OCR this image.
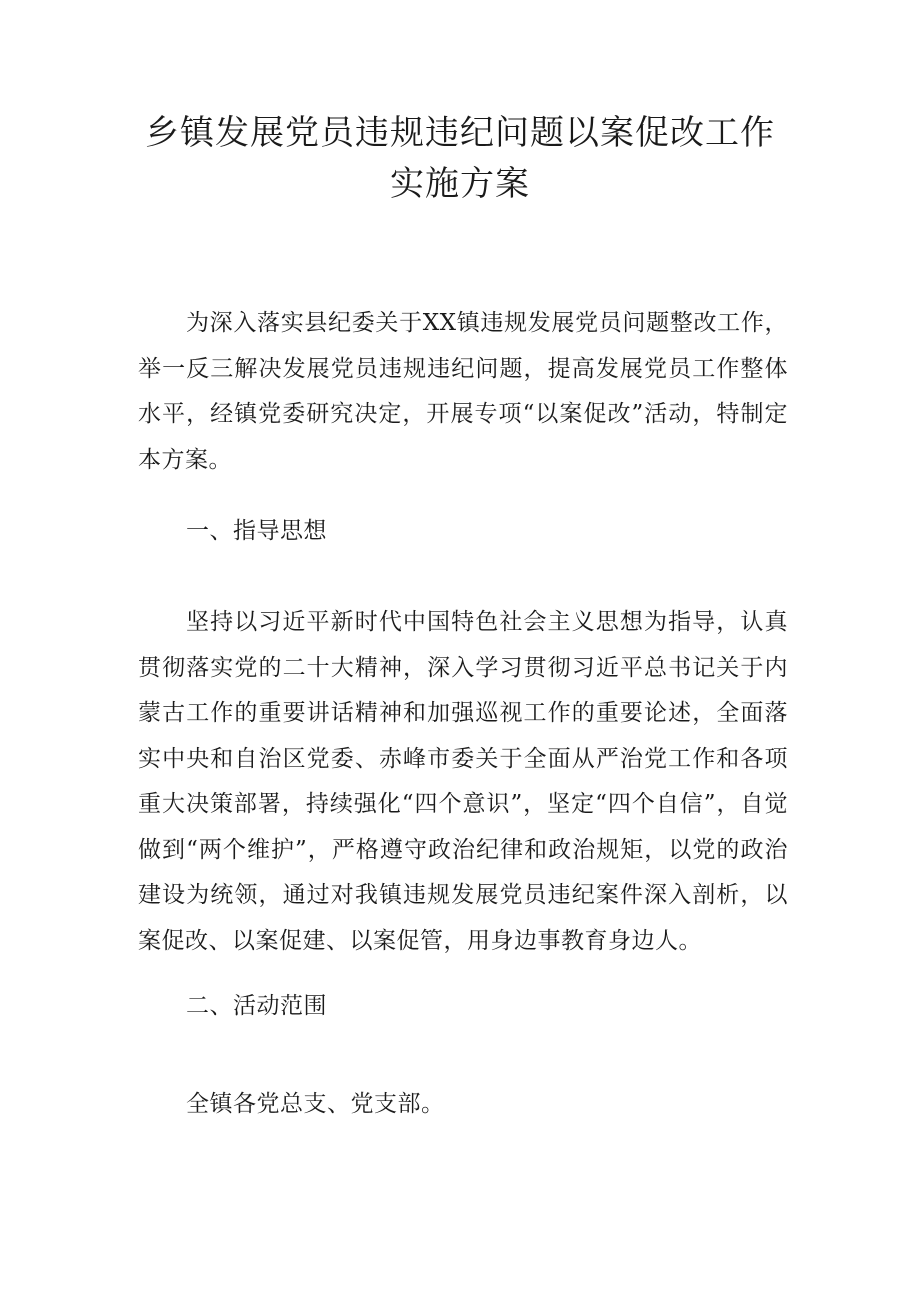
乡镇发展党员违规违纪问题以案促改工作
实施方案

为深入落实县纪委关于XX镇违规发展党员问题整改工作，举一反三解决发展党员违规违纪问题，提高发展党员工作整体水平，经镇党委研究决定，开展专项“以案促改”活动，特制定本方案。

一、指导思想

坚持以习近平新时代中国特色社会主义思想为指导，认真贯彻落实党的二十大精神，深入学习贯彻习近平总书记关于内蒙古工作的重要讲话精神和加强巡视工作的重要论述，全面落实中央和自治区党委、赤峰市委关于全面从严治党工作和各项重大决策部署，持续强化“四个意识”，坚定“四个自信”，自觉做到“两个维护”，严格遵守政治纪律和政治规矩，以党的政治建设为统领，通过对我镇违规发展党员违纪案件深入剖析，以案促改、以案促建、以案促管，用身边事教育身边人。

二、活动范围

全镇各党总支、党支部。
